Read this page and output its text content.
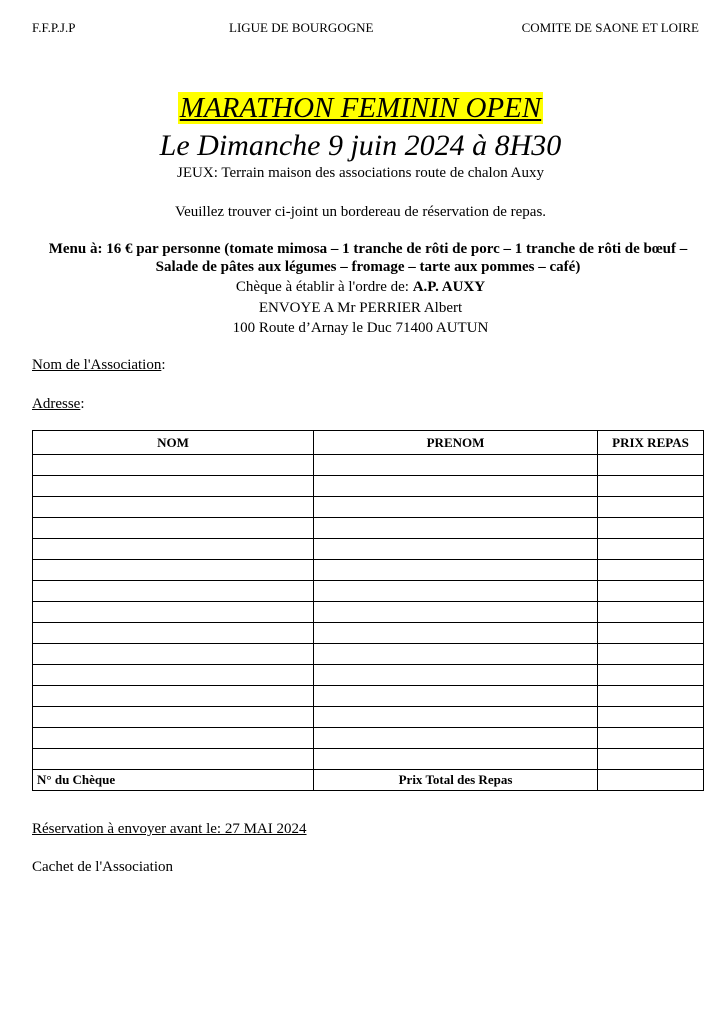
F.F.P.J.P	LIGUE DE BOURGOGNE	COMITE DE SAONE ET LOIRE
MARATHON FEMININ OPEN
Le Dimanche 9 juin 2024 à 8H30
JEUX: Terrain maison des associations route de chalon Auxy
Veuillez trouver ci-joint un bordereau de réservation de repas.
Menu à: 16 € par personne (tomate mimosa – 1 tranche de rôti de porc – 1 tranche de rôti de bœuf – Salade de pâtes aux légumes – fromage – tarte aux pommes – café)
Chèque à établir à l'ordre de: A.P. AUXY
ENVOYE A Mr PERRIER Albert
100 Route d’Arnay le Duc 71400 AUTUN
Nom de l'Association:
Adresse:
NOM	PRENOM	PRIX REPAS

N° du Chèque	Prix Total des Repas	
Réservation à envoyer avant le: 27 MAI 2024
Cachet de l'Association
